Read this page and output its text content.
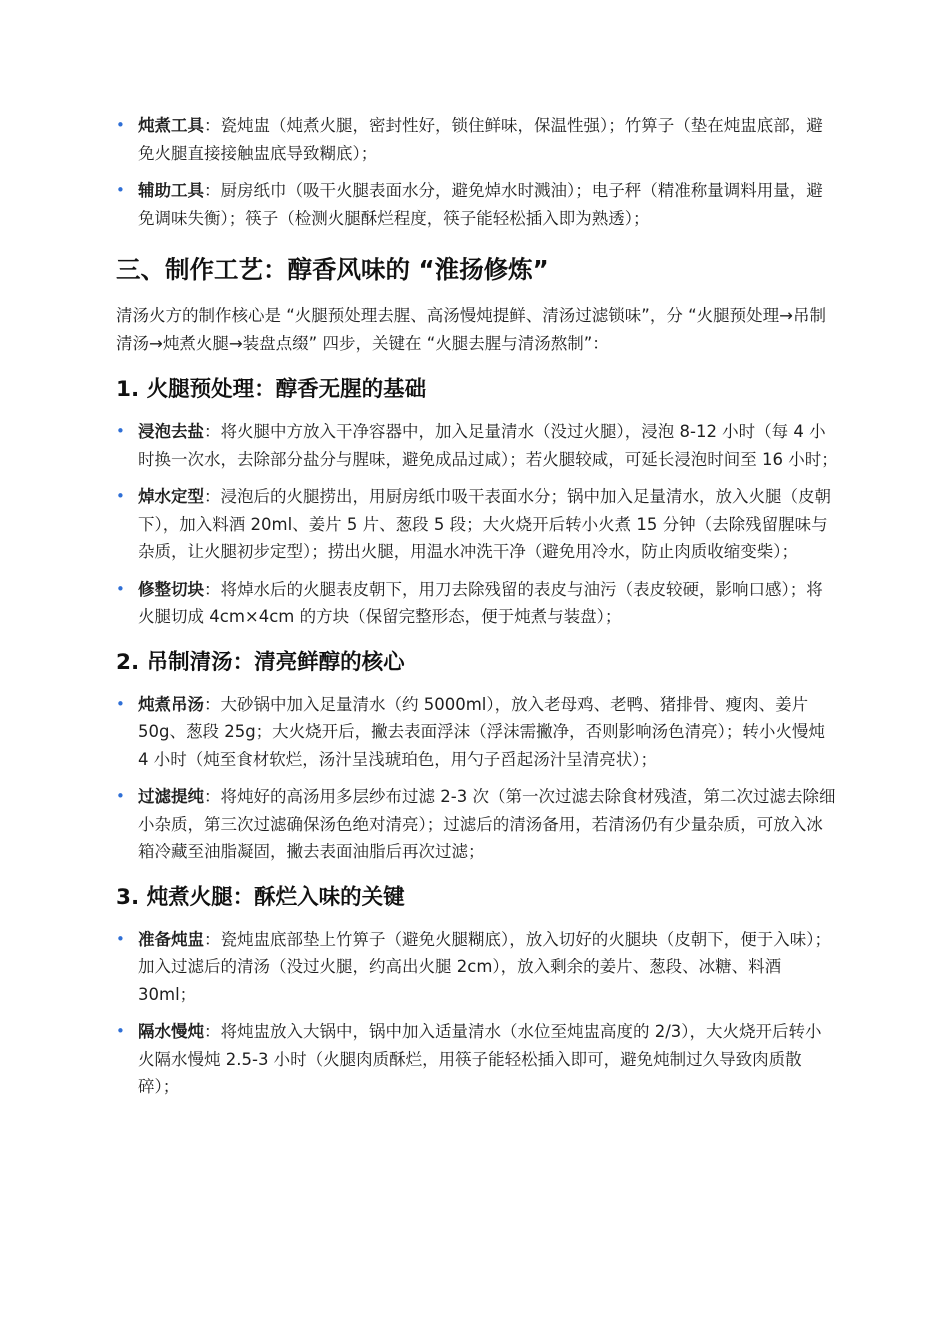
• 炖煮工具：瓷炖盅（炖煮火腿，密封性好，锁住鲜味，保温性强）；竹箅子（垫在炖盅底部，避免火腿直接接触盅底导致糊底）；
• 辅助工具：厨房纸巾（吸干火腿表面水分，避免焯水时溅油）；电子秤（精准称量调料用量，避免调味失衡）；筷子（检测火腿酥烂程度，筷子能轻松插入即为熟透）；
三、制作工艺：醇香风味的 “淮扬修炼”

清汤火方的制作核心是 “火腿预处理去腥、高汤慢炖提鲜、清汤过滤锁味”，分 “火腿预处理→吊制清汤→炖煮火腿→装盘点缀” 四步，关键在 “火腿去腥与清汤熬制”：

1. 火腿预处理：醇香无腥的基础
• 浸泡去盐：将火腿中方放入干净容器中，加入足量清水（没过火腿），浸泡 8-12 小时（每 4 小时换一次水，去除部分盐分与腥味，避免成品过咸）；若火腿较咸，可延长浸泡时间至 16 小时；
• 焯水定型：浸泡后的火腿捞出，用厨房纸巾吸干表面水分；锅中加入足量清水，放入火腿（皮朝下），加入料酒 20ml、姜片 5 片、葱段 5 段；大火烧开后转小火煮 15 分钟（去除残留腥味与杂质，让火腿初步定型）；捞出火腿，用温水冲洗干净（避免用冷水，防止肉质收缩变柴）；
• 修整切块：将焯水后的火腿表皮朝下，用刀去除残留的表皮与油污（表皮较硬，影响口感）；将火腿切成 4cm×4cm 的方块（保留完整形态，便于炖煮与装盘）；
2. 吊制清汤：清亮鲜醇的核心
• 炖煮吊汤：大砂锅中加入足量清水（约 5000ml），放入老母鸡、老鸭、猪排骨、瘦肉、姜片 50g、葱段 25g；大火烧开后，撇去表面浮沫（浮沫需撇净，否则影响汤色清亮）；转小火慢炖 4 小时（炖至食材软烂，汤汁呈浅琥珀色，用勺子舀起汤汁呈清亮状）；
• 过滤提纯：将炖好的高汤用多层纱布过滤 2-3 次（第一次过滤去除食材残渣，第二次过滤去除细小杂质，第三次过滤确保汤色绝对清亮）；过滤后的清汤备用，若清汤仍有少量杂质，可放入冰箱冷藏至油脂凝固，撇去表面油脂后再次过滤；
3. 炖煮火腿：酥烂入味的关键
• 准备炖盅：瓷炖盅底部垫上竹箅子（避免火腿糊底），放入切好的火腿块（皮朝下，便于入味）；加入过滤后的清汤（没过火腿，约高出火腿 2cm），放入剩余的姜片、葱段、冰糖、料酒 30ml；
• 隔水慢炖：将炖盅放入大锅中，锅中加入适量清水（水位至炖盅高度的 2/3），大火烧开后转小火隔水慢炖 2.5-3 小时（火腿肉质酥烂，用筷子能轻松插入即可，避免炖制过久导致肉质散碎）；
